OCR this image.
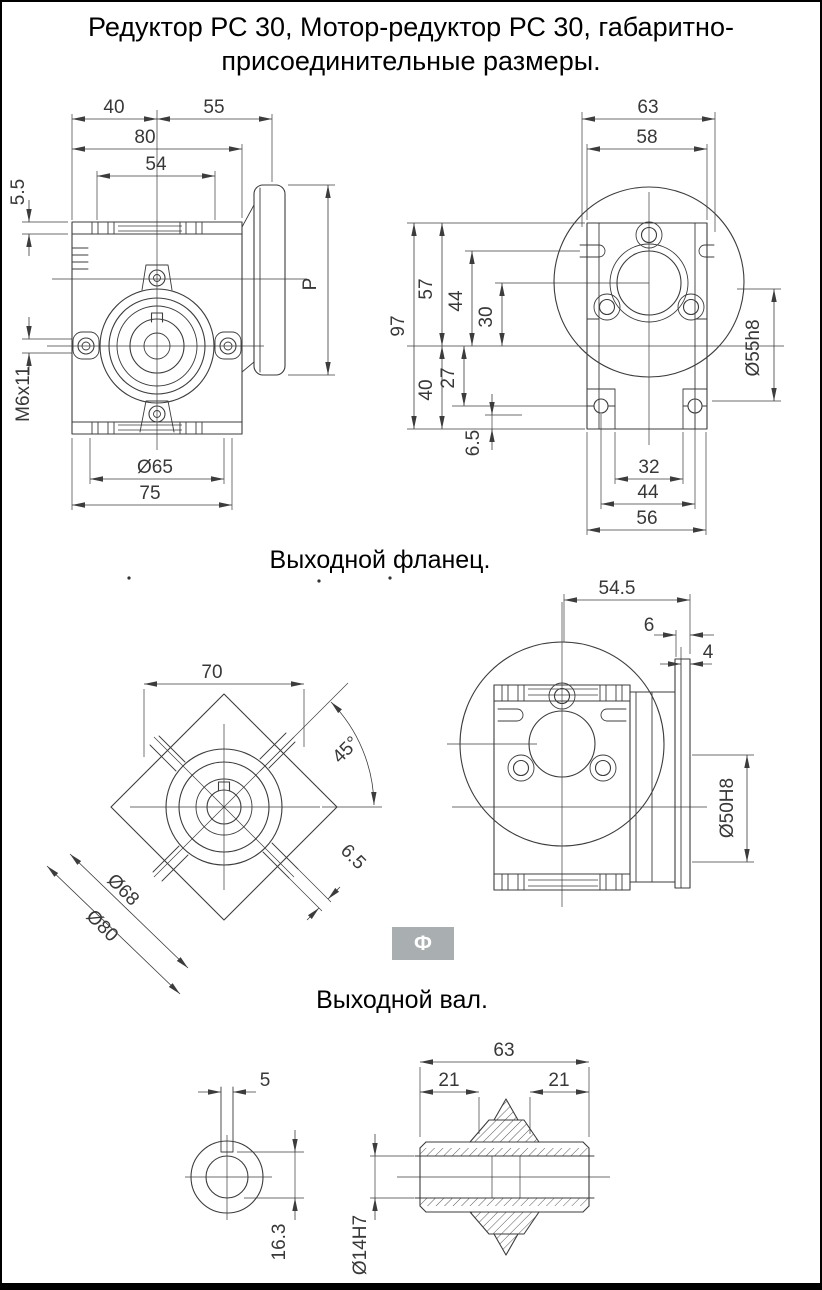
Редуктор РС 30, Мотор-редуктор РС 30, габаритно-присоединительные размеры.
40	55
80
54
5.5
M6x11
Ø65
75
P
63
58
97
57
40
44
30
27
6.5
Ø55h8
32
44
56
70
45°
Ø68
Ø80
6.5
54.5
6
4
Ø50H8
5
16.3
63
21	21
Ø14H7
Выходной фланец.
Выходной вал.
Ф
